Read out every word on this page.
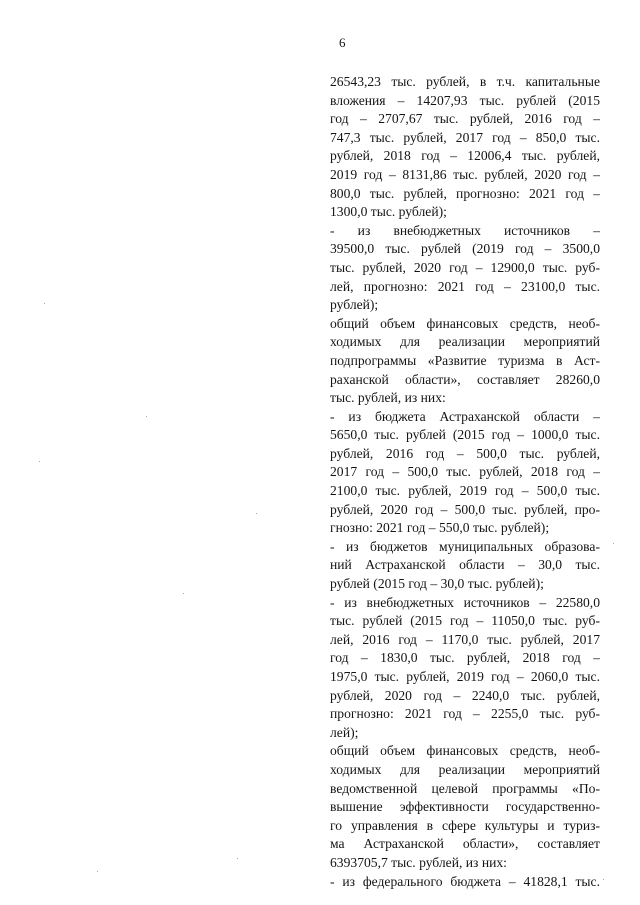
6
26543,23 тыс. рублей, в т.ч. капитальные
вложения – 14207,93 тыс. рублей (2015
год – 2707,67 тыс. рублей, 2016 год –
747,3 тыс. рублей, 2017 год – 850,0 тыс.
рублей, 2018 год – 12006,4 тыс. рублей,
2019 год – 8131,86 тыс. рублей, 2020 год –
800,0 тыс. рублей, прогнозно: 2021 год –
1300,0 тыс. рублей);
- из внебюджетных источников –
39500,0 тыс. рублей (2019 год – 3500,0
тыс. рублей, 2020 год – 12900,0 тыс. руб-
лей, прогнозно: 2021 год – 23100,0 тыс.
рублей);
общий объем финансовых средств, необ-
ходимых для реализации мероприятий
подпрограммы «Развитие туризма в Аст-
раханской области», составляет 28260,0
тыс. рублей, из них:
- из бюджета Астраханской области –
5650,0 тыс. рублей (2015 год – 1000,0 тыс.
рублей, 2016 год – 500,0 тыс. рублей,
2017 год – 500,0 тыс. рублей, 2018 год –
2100,0 тыс. рублей, 2019 год – 500,0 тыс.
рублей, 2020 год – 500,0 тыс. рублей, про-
гнозно: 2021 год – 550,0 тыс. рублей);
- из бюджетов муниципальных образова-
ний Астраханской области – 30,0 тыс.
рублей (2015 год – 30,0 тыс. рублей);
- из внебюджетных источников – 22580,0
тыс. рублей (2015 год – 11050,0 тыс. руб-
лей, 2016 год – 1170,0 тыс. рублей, 2017
год – 1830,0 тыс. рублей, 2018 год –
1975,0 тыс. рублей, 2019 год – 2060,0 тыс.
рублей, 2020 год – 2240,0 тыс. рублей,
прогнозно: 2021 год – 2255,0 тыс. руб-
лей);
общий объем финансовых средств, необ-
ходимых для реализации мероприятий
ведомственной целевой программы «По-
вышение эффективности государственно-
го управления в сфере культуры и туриз-
ма Астраханской области», составляет
6393705,7 тыс. рублей, из них:
- из федерального бюджета – 41828,1 тыс.
